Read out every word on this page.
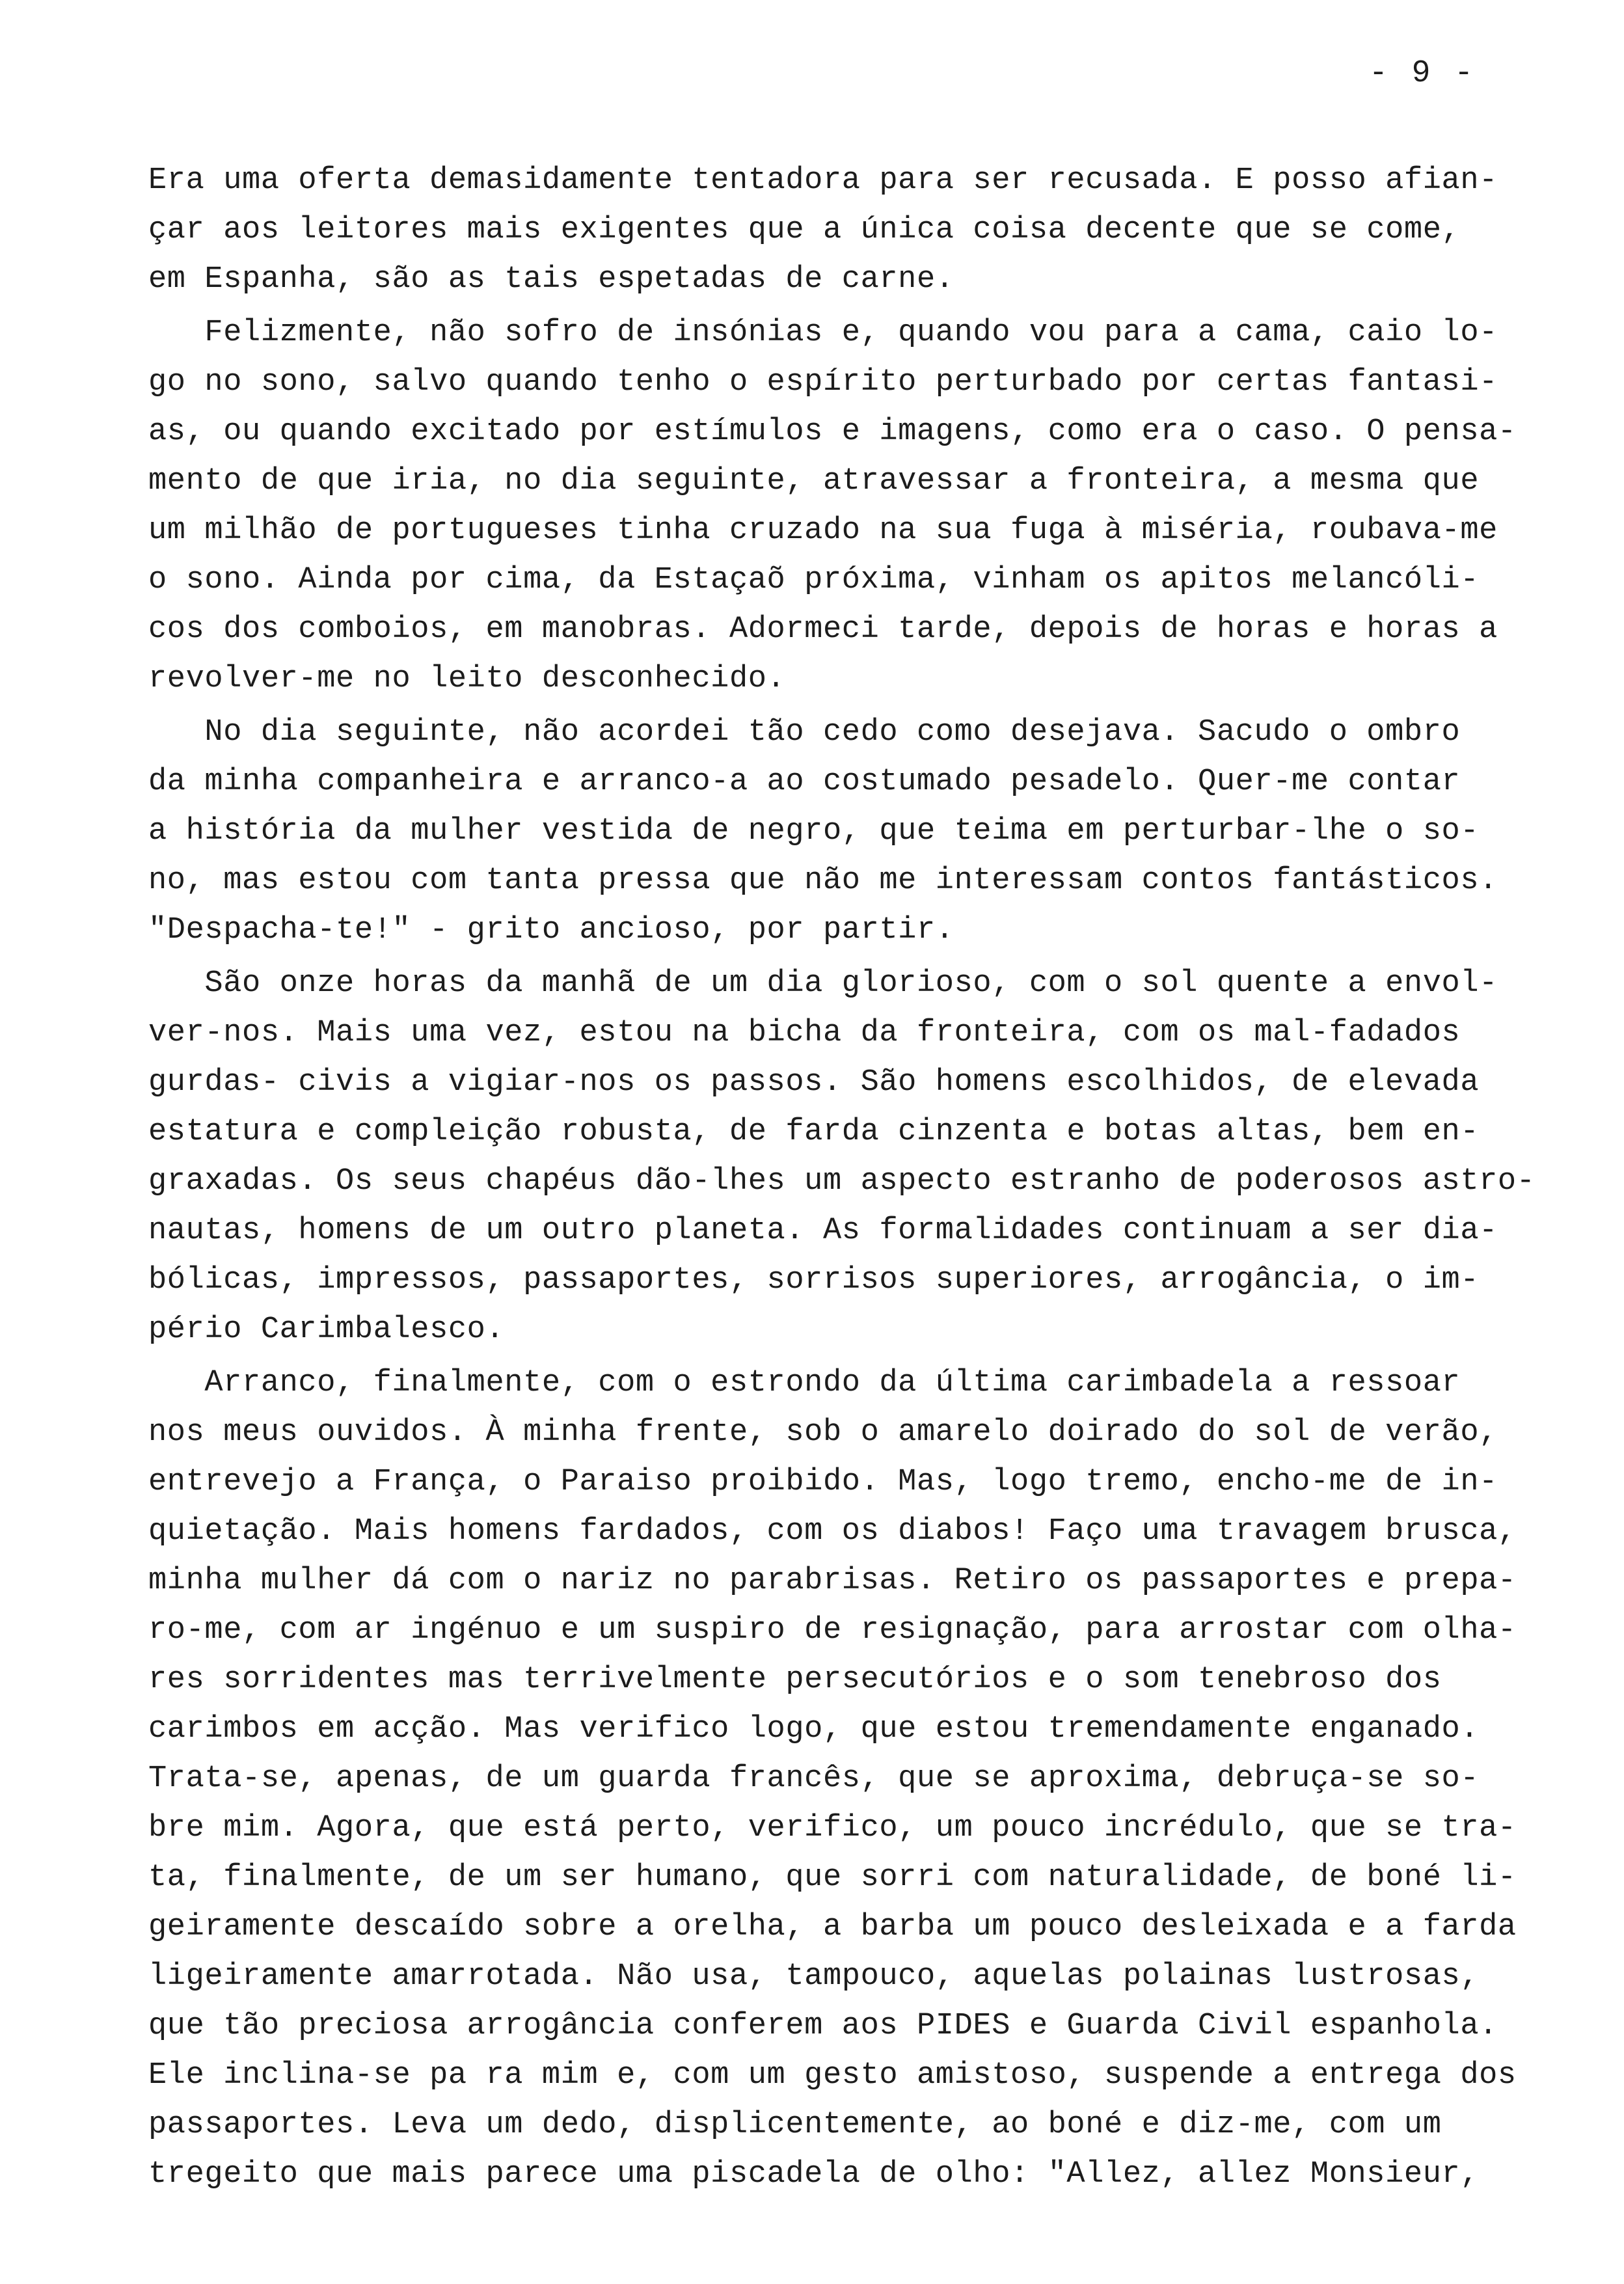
- 9 -
Era uma oferta demasidamente tentadora para ser recusada. E posso afian-
çar aos leitores mais exigentes que a única coisa decente que se come,
em Espanha, são as tais espetadas de carne.
Felizmente, não sofro de insónias e, quando vou para a cama, caio lo-
go no sono, salvo quando tenho o espírito perturbado por certas fantasi-
as, ou quando excitado por estímulos e imagens, como era o caso. O pensa-
mento de que iria, no dia seguinte, atravessar a fronteira, a mesma que
um milhão de portugueses tinha cruzado na sua fuga à miséria, roubava-me
o sono. Ainda por cima, da Estaçaõ próxima, vinham os apitos melancóli-
cos dos comboios, em manobras. Adormeci tarde, depois de horas e horas a
revolver-me no leito desconhecido.
No dia seguinte, não acordei tão cedo como desejava. Sacudo o ombro
da minha companheira e arranco-a ao costumado pesadelo. Quer-me contar
a história da mulher vestida de negro, que teima em perturbar-lhe o so-
no, mas estou com tanta pressa que não me interessam contos fantásticos.
"Despacha-te!" - grito ancioso, por partir.
São onze horas da manhã de um dia glorioso, com o sol quente a envol-
ver-nos. Mais uma vez, estou na bicha da fronteira, com os mal-fadados
gurdas- civis a vigiar-nos os passos. São homens escolhidos, de elevada
estatura e compleição robusta, de farda cinzenta e botas altas, bem en-
graxadas. Os seus chapéus dão-lhes um aspecto estranho de poderosos astro-
nautas, homens de um outro planeta. As formalidades continuam a ser dia-
bólicas, impressos, passaportes, sorrisos superiores, arrogância, o im-
pério Carimbalesco.
Arranco, finalmente, com o estrondo da última carimbadela a ressoar
nos meus ouvidos. À minha frente, sob o amarelo doirado do sol de verão,
entrevejo a França, o Paraiso proibido. Mas, logo tremo, encho-me de in-
quietação. Mais homens fardados, com os diabos! Faço uma travagem brusca,
minha mulher dá com o nariz no parabrisas. Retiro os passaportes e prepa-
ro-me, com ar ingénuo e um suspiro de resignação, para arrostar com olha-
res sorridentes mas terrivelmente persecutórios e o som tenebroso dos
carimbos em acção. Mas verifico logo, que estou tremendamente enganado.
Trata-se, apenas, de um guarda francês, que se aproxima, debruça-se so-
bre mim. Agora, que está perto, verifico, um pouco incrédulo, que se tra-
ta, finalmente, de um ser humano, que sorri com naturalidade, de boné li-
geiramente descaído sobre a orelha, a barba um pouco desleixada e a farda
ligeiramente amarrotada. Não usa, tampouco, aquelas polainas lustrosas,
que tão preciosa arrogância conferem aos PIDES e Guarda Civil espanhola.
Ele inclina-se pa ra mim e, com um gesto amistoso, suspende a entrega dos
passaportes. Leva um dedo, displicentemente, ao boné e diz-me, com um
tregeito que mais parece uma piscadela de olho: "Allez, allez Monsieur,
